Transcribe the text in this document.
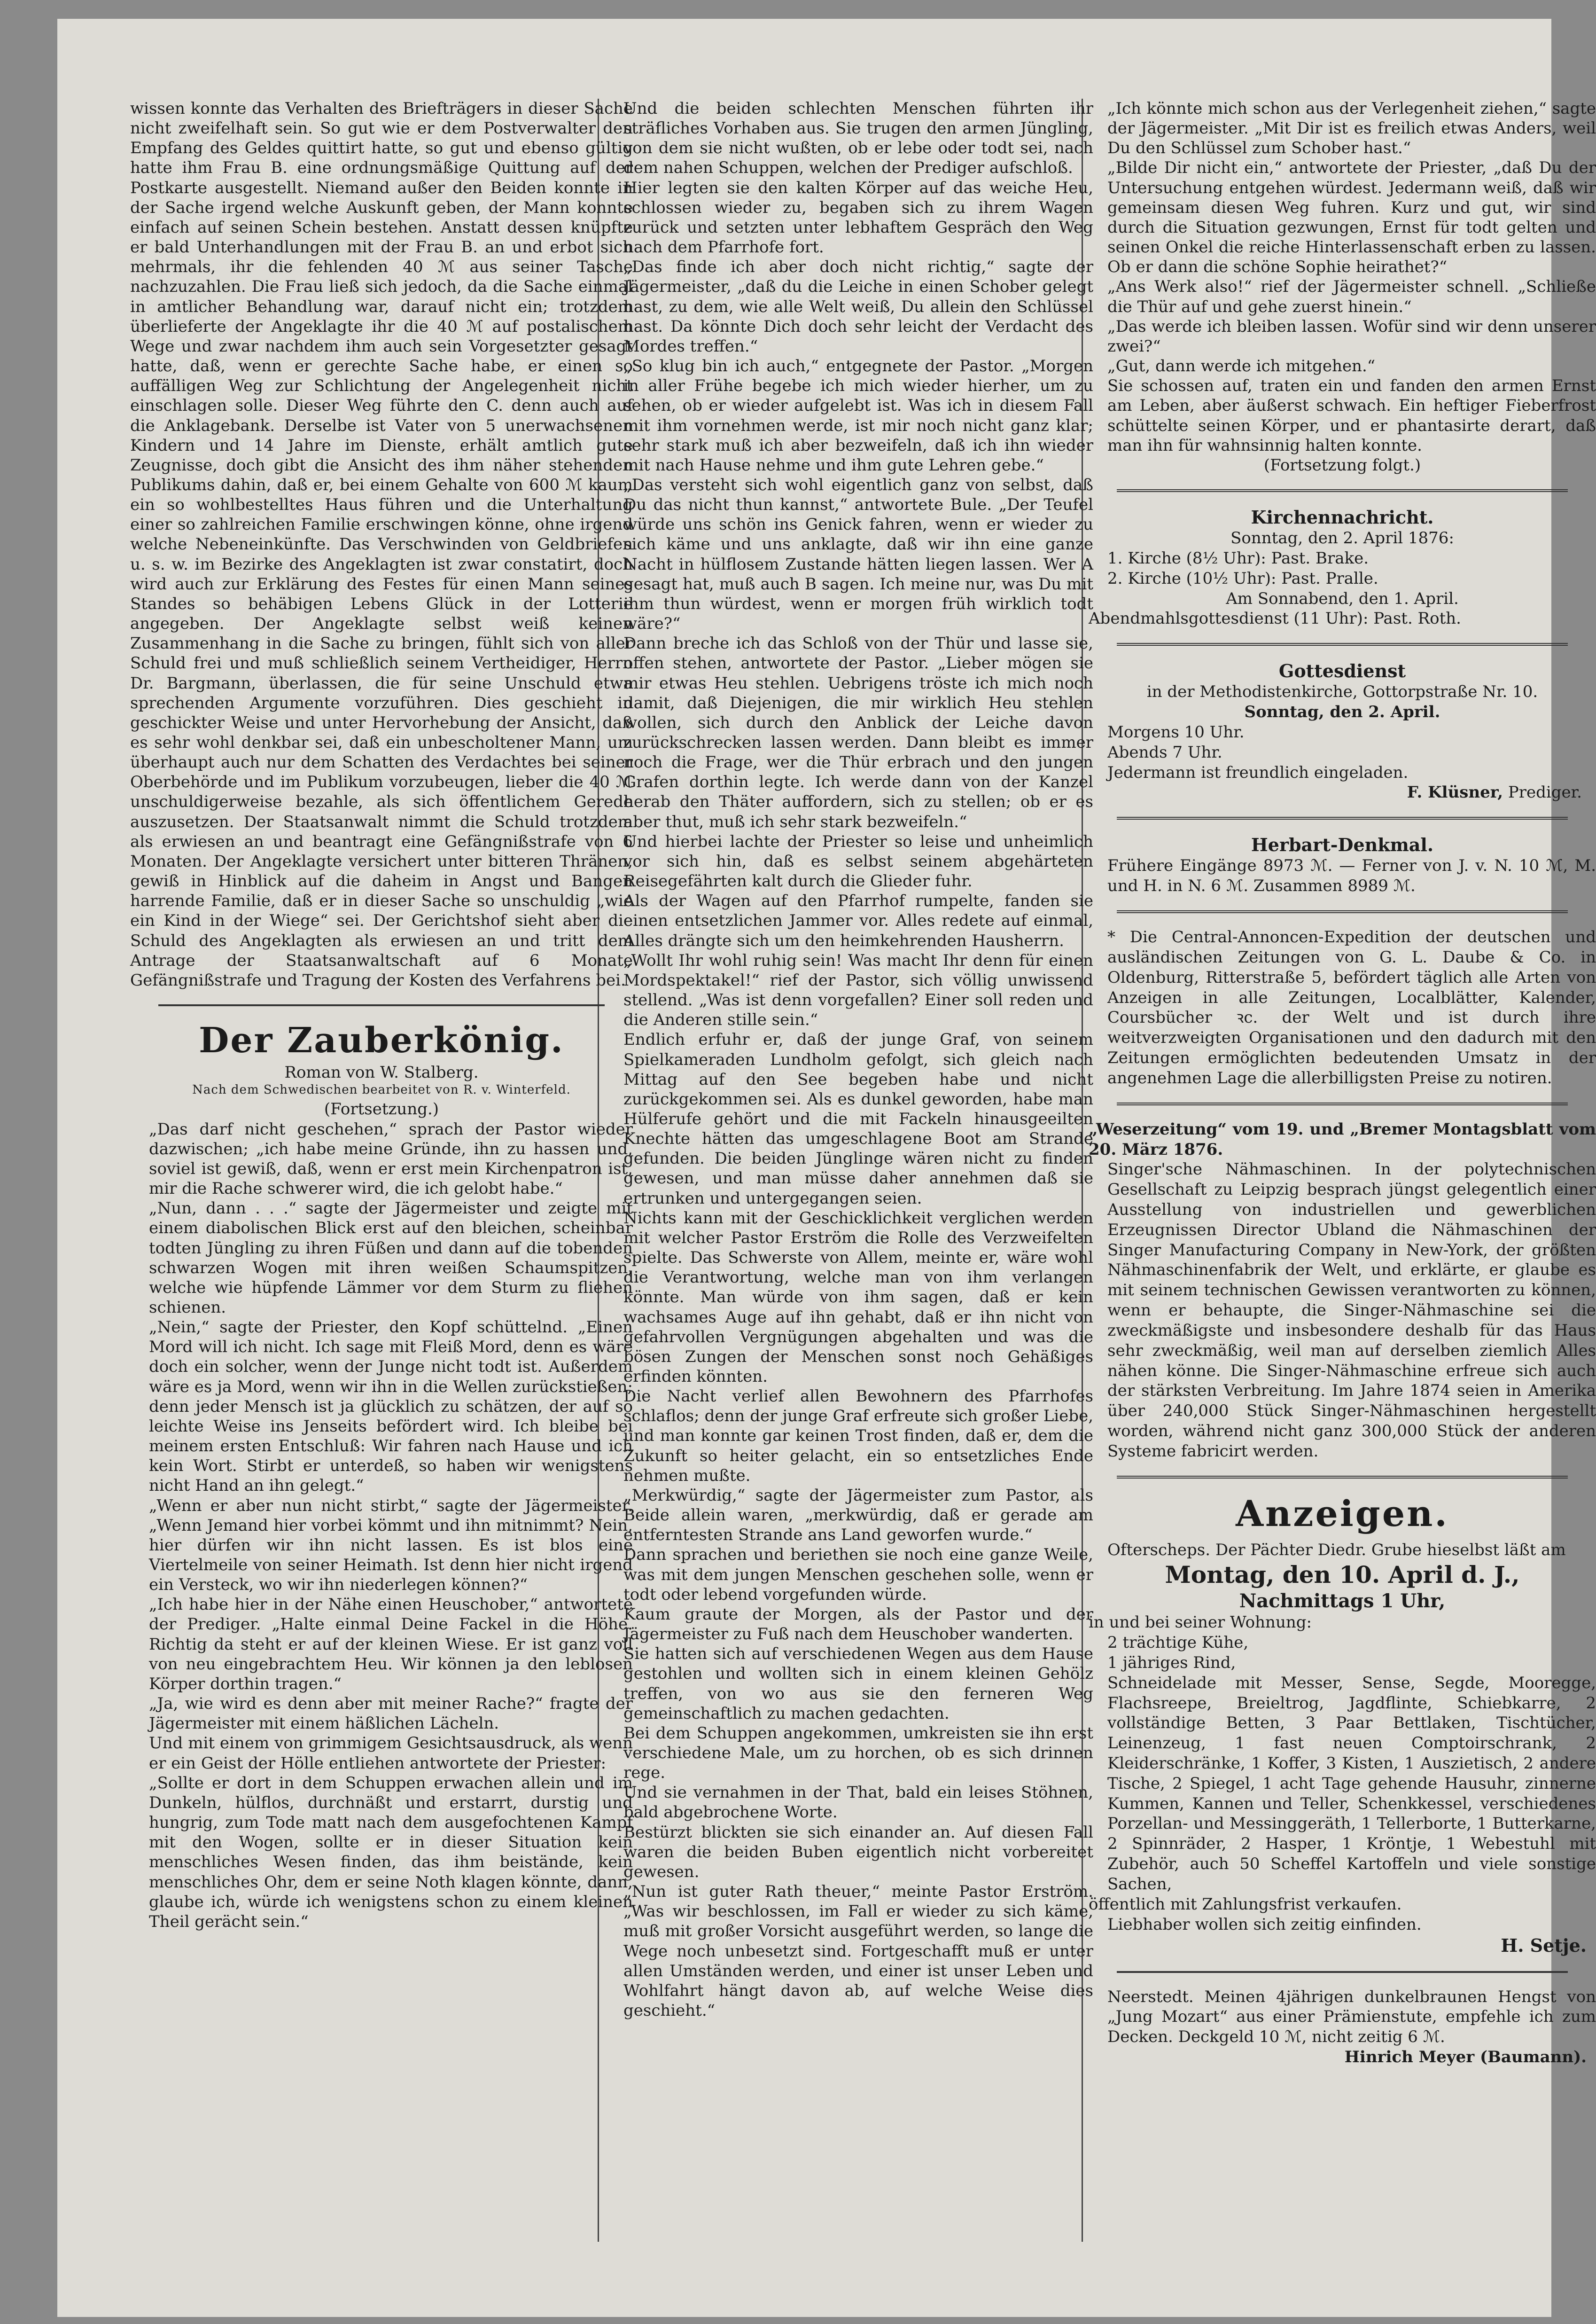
wissen konnte das Verhalten des Briefträgers in dieser Sache nicht zweifelhaft sein. So gut wie er dem Postverwalter den Empfang des Geldes quittirt hatte, so gut und ebenso gültig hatte ihm Frau B. eine ordnungsmäßige Quittung auf der Postkarte ausgestellt. Niemand außer den Beiden konnte in der Sache irgend welche Auskunft geben, der Mann konnte einfach auf seinen Schein bestehen. Anstatt dessen knüpfte er bald Unterhandlungen mit der Frau B. an und erbot sich mehrmals, ihr die fehlenden 40 ℳ aus seiner Tasche nachzuzahlen. Die Frau ließ sich jedoch, da die Sache einmal in amtlicher Behandlung war, darauf nicht ein; trotzdem überlieferte der Angeklagte ihr die 40 ℳ auf postalischem Wege und zwar nachdem ihm auch sein Vorgesetzter gesagt hatte, daß, wenn er gerechte Sache habe, er einen so auffälligen Weg zur Schlichtung der Angelegenheit nicht einschlagen solle. Dieser Weg führte den C. denn auch auf die Anklagebank. Derselbe ist Vater von 5 unerwachsenen Kindern und 14 Jahre im Dienste, erhält amtlich gute Zeugnisse, doch gibt die Ansicht des ihm näher stehenden Publikums dahin, daß er, bei einem Gehalte von 600 ℳ kaum ein so wohlbestelltes Haus führen und die Unterhaltung einer so zahlreichen Familie erschwingen könne, ohne irgend welche Nebeneinkünfte. Das Verschwinden von Geldbriefen u. s. w. im Bezirke des Angeklagten ist zwar constatirt, doch wird auch zur Erklärung des Festes für einen Mann seines Standes so behäbigen Lebens Glück in der Lotterie angegeben. Der Angeklagte selbst weiß keinen Zusammenhang in die Sache zu bringen, fühlt sich von aller Schuld frei und muß schließlich seinem Vertheidiger, Herrn Dr. Bargmann, überlassen, die für seine Unschuld etwa sprechenden Argumente vorzuführen. Dies geschieht in geschickter Weise und unter Hervorhebung der Ansicht, daß es sehr wohl denkbar sei, daß ein unbescholtener Mann, um überhaupt auch nur dem Schatten des Verdachtes bei seiner Oberbehörde und im Publikum vorzubeugen, lieber die 40 ℳ unschuldigerweise bezahle, als sich öffentlichem Gerede auszusetzen. Der Staatsanwalt nimmt die Schuld trotzdem als erwiesen an und beantragt eine Gefängnißstrafe von 6 Monaten. Der Angeklagte versichert unter bitteren Thränen, gewiß in Hinblick auf die daheim in Angst und Bangen harrende Familie, daß er in dieser Sache so unschuldig „wie ein Kind in der Wiege“ sei. Der Gerichtshof sieht aber die Schuld des Angeklagten als erwiesen an und tritt dem Antrage der Staatsanwaltschaft auf 6 Monate Gefängnißstrafe und Tragung der Kosten des Verfahrens bei.

Der Zauberkönig.

Roman von W. Stalberg.

Nach dem Schwedischen bearbeitet von R. v. Winterfeld.

(Fortsetzung.)

„Das darf nicht geschehen,“ sprach der Pastor wieder dazwischen; „ich habe meine Gründe, ihn zu hassen und, soviel ist gewiß, daß, wenn er erst mein Kirchenpatron ist, mir die Rache schwerer wird, die ich gelobt habe.“

„Nun, dann . . .“ sagte der Jägermeister und zeigte mit einem diabolischen Blick erst auf den bleichen, scheinbar todten Jüngling zu ihren Füßen und dann auf die tobenden schwarzen Wogen mit ihren weißen Schaumspitzen, welche wie hüpfende Lämmer vor dem Sturm zu fliehen schienen.

„Nein,“ sagte der Priester, den Kopf schüttelnd. „Einen Mord will ich nicht. Ich sage mit Fleiß Mord, denn es wäre doch ein solcher, wenn der Junge nicht todt ist. Außerdem wäre es ja Mord, wenn wir ihn in die Wellen zurückstießen; denn jeder Mensch ist ja glücklich zu schätzen, der auf so leichte Weise ins Jenseits befördert wird. Ich bleibe bei meinem ersten Entschluß: Wir fahren nach Hause und ich kein Wort. Stirbt er unterdeß, so haben wir wenigstens nicht Hand an ihn gelegt.“

„Wenn er aber nun nicht stirbt,“ sagte der Jägermeister. „Wenn Jemand hier vorbei kömmt und ihn mitnimmt? Nein, hier dürfen wir ihn nicht lassen. Es ist blos eine Viertelmeile von seiner Heimath. Ist denn hier nicht irgend ein Versteck, wo wir ihn niederlegen können?“

„Ich habe hier in der Nähe einen Heuschober,“ antwortete der Prediger. „Halte einmal Deine Fackel in die Höhe. Richtig da steht er auf der kleinen Wiese. Er ist ganz voll von neu eingebrachtem Heu. Wir können ja den leblosen Körper dorthin tragen.“

„Ja, wie wird es denn aber mit meiner Rache?“ fragte der Jägermeister mit einem häßlichen Lächeln.

Und mit einem von grimmigem Gesichtsausdruck, als wenn er ein Geist der Hölle entliehen antwortete der Priester:

„Sollte er dort in dem Schuppen erwachen allein und im Dunkeln, hülflos, durchnäßt und erstarrt, durstig und hungrig, zum Tode matt nach dem ausgefochtenen Kampf mit den Wogen, sollte er in dieser Situation kein menschliches Wesen finden, das ihm beistände, kein menschliches Ohr, dem er seine Noth klagen könnte, dann, glaube ich, würde ich wenigstens schon zu einem kleinen Theil gerächt sein.“

Und die beiden schlechten Menschen führten ihr sträfliches Vorhaben aus. Sie trugen den armen Jüngling, von dem sie nicht wußten, ob er lebe oder todt sei, nach dem nahen Schuppen, welchen der Prediger aufschloß.

Hier legten sie den kalten Körper auf das weiche Heu, schlossen wieder zu, begaben sich zu ihrem Wagen zurück und setzten unter lebhaftem Gespräch den Weg nach dem Pfarrhofe fort.

„Das finde ich aber doch nicht richtig,“ sagte der Jägermeister, „daß du die Leiche in einen Schober gelegt hast, zu dem, wie alle Welt weiß, Du allein den Schlüssel hast. Da könnte Dich doch sehr leicht der Verdacht des Mordes treffen.“

„So klug bin ich auch,“ entgegnete der Pastor. „Morgen in aller Frühe begebe ich mich wieder hierher, um zu sehen, ob er wieder aufgelebt ist. Was ich in diesem Fall mit ihm vornehmen werde, ist mir noch nicht ganz klar; sehr stark muß ich aber bezweifeln, daß ich ihn wieder mit nach Hause nehme und ihm gute Lehren gebe.“

„Das versteht sich wohl eigentlich ganz von selbst, daß Du das nicht thun kannst,“ antwortete Bule. „Der Teufel würde uns schön ins Genick fahren, wenn er wieder zu sich käme und uns anklagte, daß wir ihn eine ganze Nacht in hülflosem Zustande hätten liegen lassen. Wer A gesagt hat, muß auch B sagen. Ich meine nur, was Du mit ihm thun würdest, wenn er morgen früh wirklich todt wäre?“

Dann breche ich das Schloß von der Thür und lasse sie, offen stehen, antwortete der Pastor. „Lieber mögen sie mir etwas Heu stehlen. Uebrigens tröste ich mich noch damit, daß Diejenigen, die mir wirklich Heu stehlen wollen, sich durch den Anblick der Leiche davon zurückschrecken lassen werden. Dann bleibt es immer noch die Frage, wer die Thür erbrach und den jungen Grafen dorthin legte. Ich werde dann von der Kanzel herab den Thäter auffordern, sich zu stellen; ob er es aber thut, muß ich sehr stark bezweifeln.“

Und hierbei lachte der Priester so leise und unheimlich vor sich hin, daß es selbst seinem abgehärteten Reisegefährten kalt durch die Glieder fuhr.

Als der Wagen auf den Pfarrhof rumpelte, fanden sie einen entsetzlichen Jammer vor. Alles redete auf einmal, Alles drängte sich um den heimkehrenden Hausherrn.

„Wollt Ihr wohl ruhig sein! Was macht Ihr denn für einen Mordspektakel!“ rief der Pastor, sich völlig unwissend stellend. „Was ist denn vorgefallen? Einer soll reden und die Anderen stille sein.“

Endlich erfuhr er, daß der junge Graf, von seinem Spielkameraden Lundholm gefolgt, sich gleich nach Mittag auf den See begeben habe und nicht zurückgekommen sei. Als es dunkel geworden, habe man Hülferufe gehört und die mit Fackeln hinausgeeilten Knechte hätten das umgeschlagene Boot am Strande gefunden. Die beiden Jünglinge wären nicht zu finden gewesen, und man müsse daher annehmen daß sie ertrunken und untergegangen seien.

Nichts kann mit der Geschicklichkeit verglichen werden mit welcher Pastor Erström die Rolle des Verzweifelten spielte. Das Schwerste von Allem, meinte er, wäre wohl die Verantwortung, welche man von ihm verlangen könnte. Man würde von ihm sagen, daß er kein wachsames Auge auf ihn gehabt, daß er ihn nicht von gefahrvollen Vergnügungen abgehalten und was die bösen Zungen der Menschen sonst noch Gehäßiges erfinden könnten.

Die Nacht verlief allen Bewohnern des Pfarrhofes schlaflos; denn der junge Graf erfreute sich großer Liebe, und man konnte gar keinen Trost finden, daß er, dem die Zukunft so heiter gelacht, ein so entsetzliches Ende nehmen mußte.

„Merkwürdig,“ sagte der Jägermeister zum Pastor, als Beide allein waren, „merkwürdig, daß er gerade am entferntesten Strande ans Land geworfen wurde.“

Dann sprachen und beriethen sie noch eine ganze Weile, was mit dem jungen Menschen geschehen solle, wenn er todt oder lebend vorgefunden würde.

Kaum graute der Morgen, als der Pastor und der Jägermeister zu Fuß nach dem Heuschober wanderten.

Sie hatten sich auf verschiedenen Wegen aus dem Hause gestohlen und wollten sich in einem kleinen Gehölz treffen, von wo aus sie den ferneren Weg gemeinschaftlich zu machen gedachten.

Bei dem Schuppen angekommen, umkreisten sie ihn erst verschiedene Male, um zu horchen, ob es sich drinnen rege.

Und sie vernahmen in der That, bald ein leises Stöhnen, bald abgebrochene Worte.

Bestürzt blickten sie sich einander an. Auf diesen Fall waren die beiden Buben eigentlich nicht vorbereitet gewesen.

„Nun ist guter Rath theuer,“ meinte Pastor Erström. „Was wir beschlossen, im Fall er wieder zu sich käme, muß mit großer Vorsicht ausgeführt werden, so lange die Wege noch unbesetzt sind. Fortgeschafft muß er unter allen Umständen werden, und einer ist unser Leben und Wohlfahrt hängt davon ab, auf welche Weise dies geschieht.“

„Ich könnte mich schon aus der Verlegenheit ziehen,“ sagte der Jägermeister. „Mit Dir ist es freilich etwas Anders, weil Du den Schlüssel zum Schober hast.“

„Bilde Dir nicht ein,“ antwortete der Priester, „daß Du der Untersuchung entgehen würdest. Jedermann weiß, daß wir gemeinsam diesen Weg fuhren. Kurz und gut, wir sind durch die Situation gezwungen, Ernst für todt gelten und seinen Onkel die reiche Hinterlassenschaft erben zu lassen. Ob er dann die schöne Sophie heirathet?“

„Ans Werk also!“ rief der Jägermeister schnell. „Schließe die Thür auf und gehe zuerst hinein.“

„Das werde ich bleiben lassen. Wofür sind wir denn unserer zwei?“

„Gut, dann werde ich mitgehen.“

Sie schossen auf, traten ein und fanden den armen Ernst am Leben, aber äußerst schwach. Ein heftiger Fieberfrost schüttelte seinen Körper, und er phantasirte derart, daß man ihn für wahnsinnig halten konnte.

(Fortsetzung folgt.)

Kirchennachricht.

Sonntag, den 2. April 1876:

1. Kirche (8½ Uhr): Past. Brake.

2. Kirche (10½ Uhr): Past. Pralle.

Am Sonnabend, den 1. April.

Abendmahlsgottesdienst (11 Uhr): Past. Roth.

Gottesdienst

in der Methodistenkirche, Gottorpstraße Nr. 10.

Sonntag, den 2. April.

Morgens 10 Uhr.

Abends 7 Uhr.

Jedermann ist freundlich eingeladen.

F. Klüsner, Prediger.

Herbart-Denkmal.

Frühere Eingänge 8973 ℳ. — Ferner von J. v. N. 10 ℳ, M. und H. in N. 6 ℳ. Zusammen 8989 ℳ.

* Die Central-Annoncen-Expedition der deutschen und ausländischen Zeitungen von G. L. Daube & Co. in Oldenburg, Ritterstraße 5, befördert täglich alle Arten von Anzeigen in alle Zeitungen, Localblätter, Kalender, Coursbücher ꝛc. der Welt und ist durch ihre weitverzweigten Organisationen und den dadurch mit den Zeitungen ermöglichten bedeutenden Umsatz in der angenehmen Lage die allerbilligsten Preise zu notiren.

„Weserzeitung“ vom 19. und „Bremer Montagsblatt vom 20. März 1876.

Singer'sche Nähmaschinen. In der polytechnischen Gesellschaft zu Leipzig besprach jüngst gelegentlich einer Ausstellung von industriellen und gewerblichen Erzeugnissen Director Ubland die Nähmaschinen der Singer Manufacturing Company in New-York, der größten Nähmaschinenfabrik der Welt, und erklärte, er glaube es mit seinem technischen Gewissen verantworten zu können, wenn er behaupte, die Singer-Nähmaschine sei die zweckmäßigste und insbesondere deshalb für das Haus sehr zweckmäßig, weil man auf derselben ziemlich Alles nähen könne. Die Singer-Nähmaschine erfreue sich auch der stärksten Verbreitung. Im Jahre 1874 seien in Amerika über 240,000 Stück Singer-Nähmaschinen hergestellt worden, während nicht ganz 300,000 Stück der anderen Systeme fabricirt werden.

Anzeigen.

Ofterscheps. Der Pächter Diedr. Grube hieselbst läßt am

Montag, den 10. April d. J.,

Nachmittags 1 Uhr,

in und bei seiner Wohnung:

2 trächtige Kühe,

1 jähriges Rind,

Schneidelade mit Messer, Sense, Segde, Mooregge, Flachsreepe, Breieltrog, Jagdflinte, Schiebkarre, 2 vollständige Betten, 3 Paar Bettlaken, Tischtücher, Leinenzeug, 1 fast neuen Comptoirschrank, 2 Kleiderschränke, 1 Koffer, 3 Kisten, 1 Auszietisch, 2 andere Tische, 2 Spiegel, 1 acht Tage gehende Hausuhr, zinnerne Kummen, Kannen und Teller, Schenkkessel, verschiedenes Porzellan- und Messinggeräth, 1 Tellerborte, 1 Butterkarne, 2 Spinnräder, 2 Hasper, 1 Kröntje, 1 Webestuhl mit Zubehör, auch 50 Scheffel Kartoffeln und viele sonstige Sachen,

öffentlich mit Zahlungsfrist verkaufen.

Liebhaber wollen sich zeitig einfinden.

H. Setje.

Neerstedt. Meinen 4jährigen dunkelbraunen Hengst von „Jung Mozart“ aus einer Prämienstute, empfehle ich zum Decken. Deckgeld 10 ℳ, nicht zeitig 6 ℳ.

Hinrich Meyer (Baumann).
